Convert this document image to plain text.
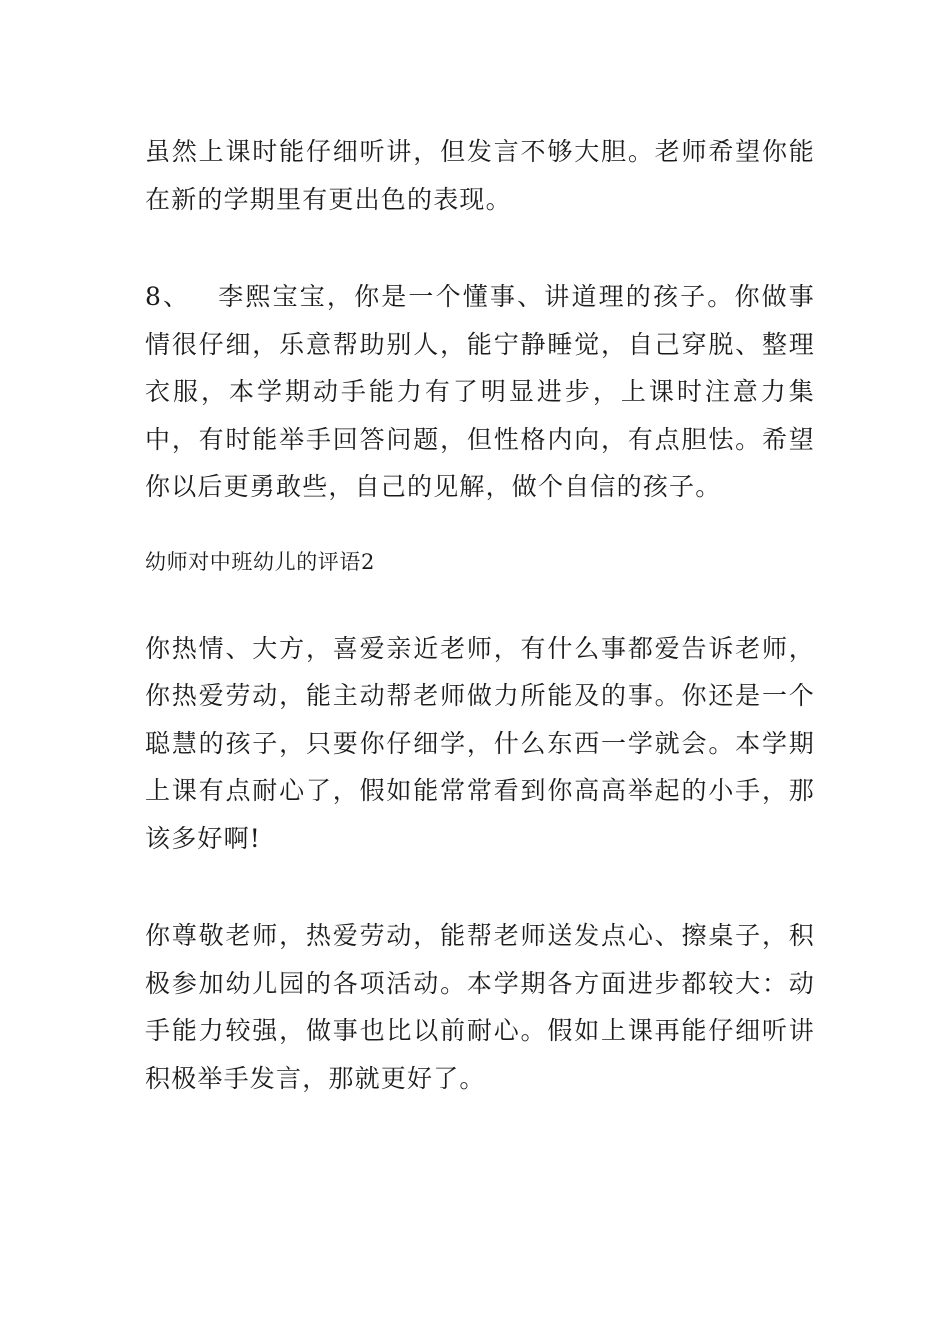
虽然上课时能仔细听讲，但发言不够大胆。老师希望你能在新的学期里有更出色的表现。

8、 李熙宝宝，你是一个懂事、讲道理的孩子。你做事情很仔细，乐意帮助别人，能宁静睡觉，自己穿脱、整理衣服，本学期动手能力有了明显进步，上课时注意力集中，有时能举手回答问题，但性格内向，有点胆怯。希望你以后更勇敢些，自己的见解，做个自信的孩子。

幼师对中班幼儿的评语2

你热情、大方，喜爱亲近老师，有什么事都爱告诉老师，你热爱劳动，能主动帮老师做力所能及的事。你还是一个聪慧的孩子，只要你仔细学，什么东西一学就会。本学期上课有点耐心了，假如能常常看到你高高举起的小手，那该多好啊!

你尊敬老师，热爱劳动，能帮老师送发点心、擦桌子，积极参加幼儿园的各项活动。本学期各方面进步都较大：动手能力较强，做事也比以前耐心。假如上课再能仔细听讲积极举手发言，那就更好了。
